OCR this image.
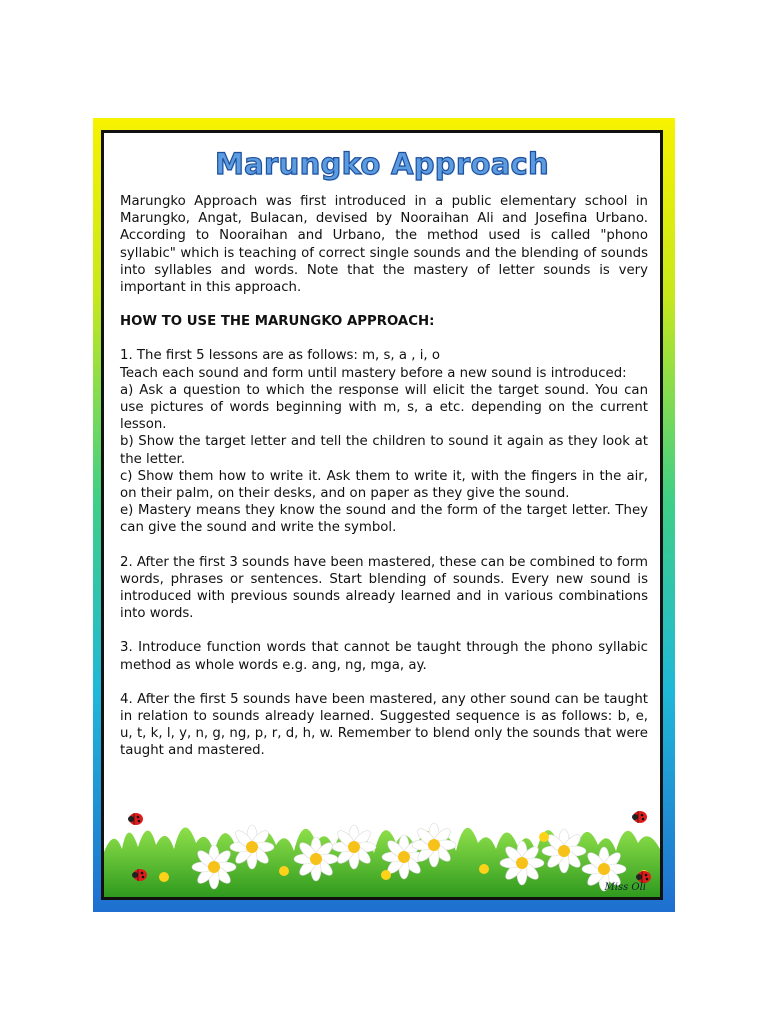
Marungko Approach

Marungko Approach was first introduced in a public elementary school in Marungko, Angat, Bulacan, devised by Nooraihan Ali and Josefina Urbano. According to Nooraihan and Urbano, the method used is called "phono syllabic" which is teaching of correct single sounds and the blending of sounds into syllables and words. Note that the mastery of letter sounds is very important in this approach.

HOW TO USE THE MARUNGKO APPROACH:

1. The first 5 lessons are as follows: m, s, a , i, o

Teach each sound and form until mastery before a new sound is introduced:

a) Ask a question to which the response will elicit the target sound. You can use pictures of words beginning with m, s, a etc. depending on the current lesson.

b) Show the target letter and tell the children to sound it again as they look at the letter.

c) Show them how to write it. Ask them to write it, with the fingers in the air, on their palm, on their desks, and on paper as they give the sound.

e) Mastery means they know the sound and the form of the target letter. They can give the sound and write the symbol.

2. After the first 3 sounds have been mastered, these can be combined to form words, phrases or sentences. Start blending of sounds. Every new sound is introduced with previous sounds already learned and in various combinations into words.

3. Introduce function words that cannot be taught through the phono syllabic method as whole words e.g. ang, ng, mga, ay.

4. After the first 5 sounds have been mastered, any other sound can be taught in relation to sounds already learned. Suggested sequence is as follows: b, e, u, t, k, l, y, n, g, ng, p, r, d, h, w. Remember to blend only the sounds that were taught and mastered.

Miss Oli
